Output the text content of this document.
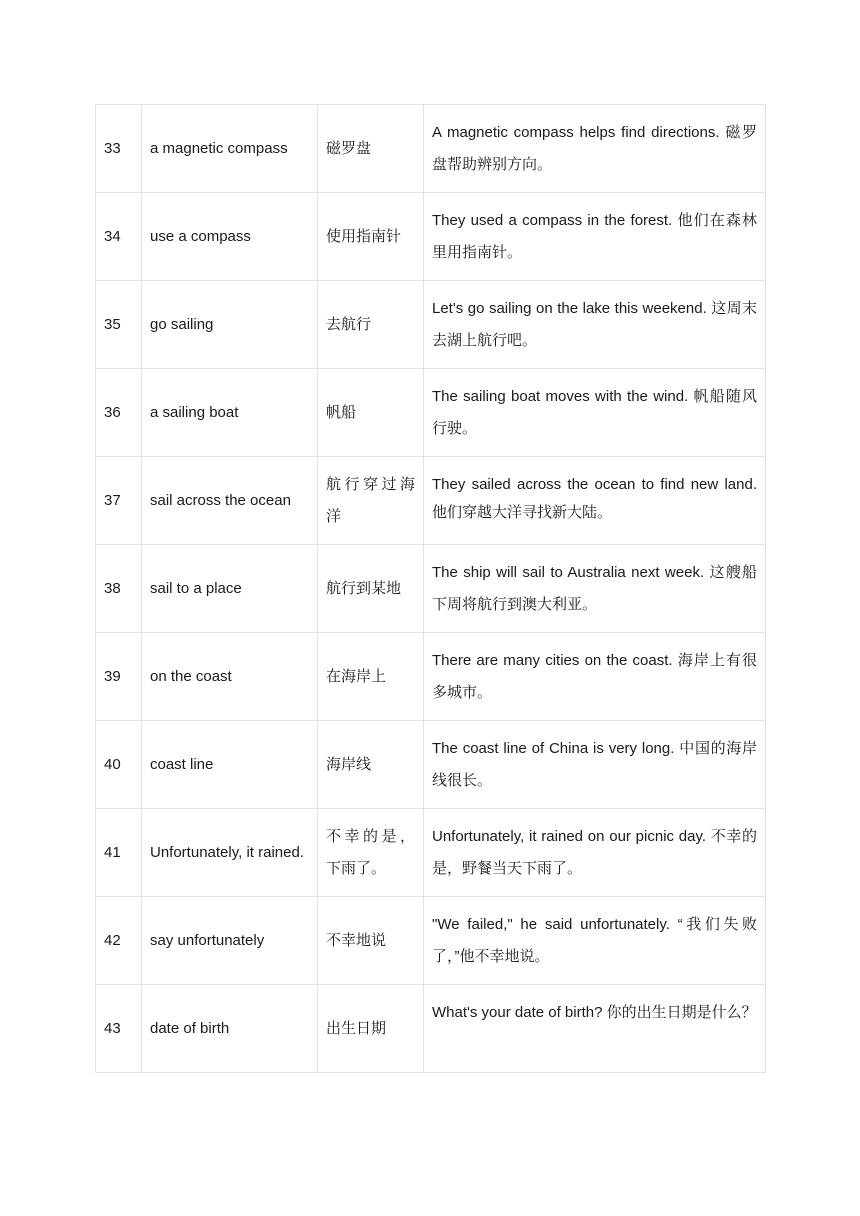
33	a magnetic compass	磁罗盘	A magnetic compass helps find directions. 磁罗盘帮助辨别方向。
34	use a compass	使用指南针	They used a compass in the forest. 他们在森林里用指南针。
35	go sailing	去航行	Let's go sailing on the lake this weekend. 这周末去湖上航行吧。
36	a sailing boat	帆船	The sailing boat moves with the wind. 帆船随风行驶。
37	sail across the ocean	航行穿过海洋	They sailed across the ocean to find new land. 他们穿越大洋寻找新大陆。
38	sail to a place	航行到某地	The ship will sail to Australia next week. 这艘船下周将航行到澳大利亚。
39	on the coast	在海岸上	There are many cities on the coast. 海岸上有很多城市。
40	coast line	海岸线	The coast line of China is very long. 中国的海岸线很长。
41	Unfortunately, it rained.	不幸的是，下雨了。	Unfortunately, it rained on our picnic day. 不幸的是，野餐当天下雨了。
42	say unfortunately	不幸地说	"We failed," he said unfortunately. “我们失败了，”他不幸地说。
43	date of birth	出生日期	What's your date of birth? 你的出生日期是什么？
